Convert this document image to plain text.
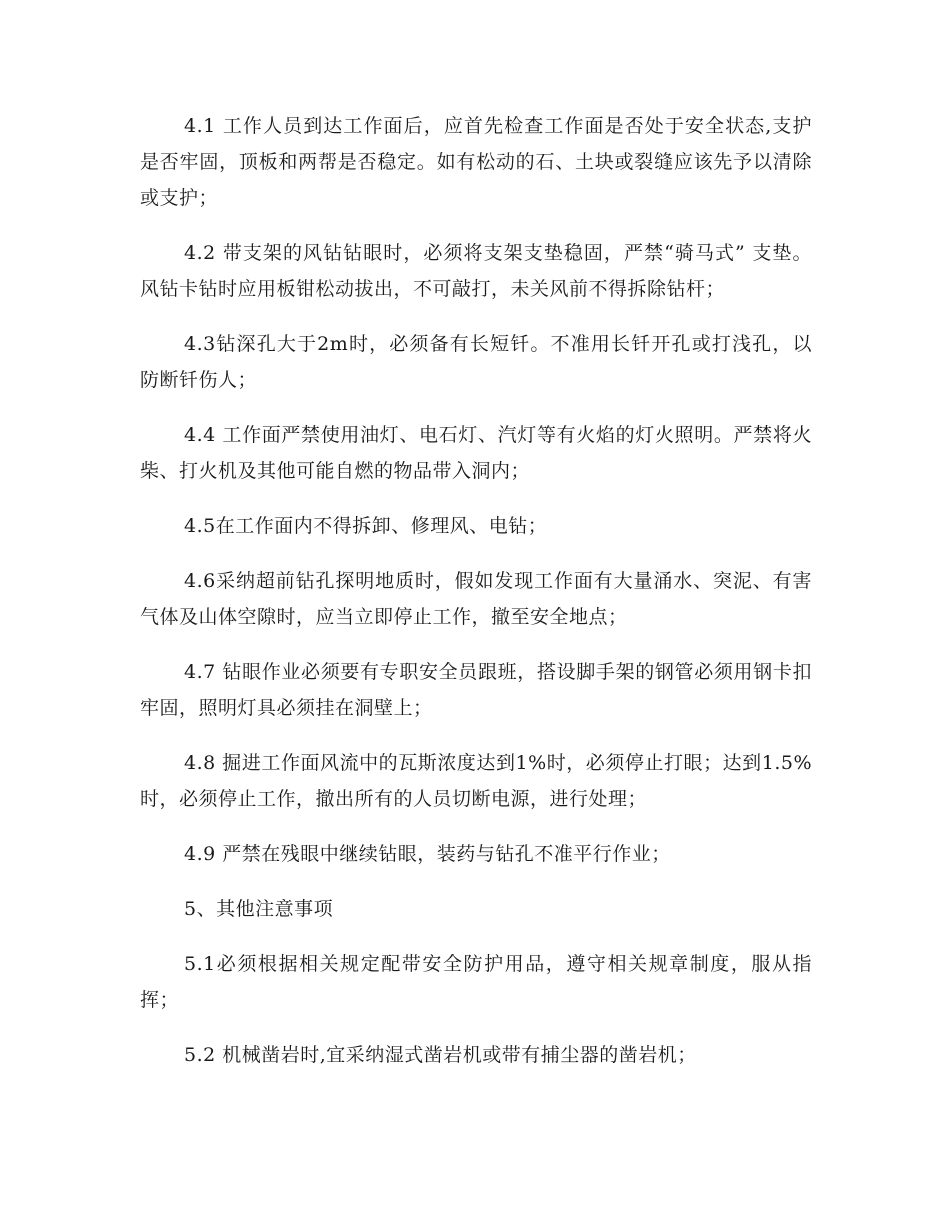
4.1 工作人员到达工作面后，应首先检查工作面是否处于安全状态,支护是否牢固，顶板和两帮是否稳定。如有松动的石、土块或裂缝应该先予以清除或支护；

4.2 带支架的风钻钻眼时，必须将支架支垫稳固，严禁“骑马式” 支垫。风钻卡钻时应用板钳松动拔出，不可敲打，未关风前不得拆除钻杆；

4.3钻深孔大于2m时，必须备有长短钎。不准用长钎开孔或打浅孔，以防断钎伤人；

4.4 工作面严禁使用油灯、电石灯、汽灯等有火焰的灯火照明。严禁将火柴、打火机及其他可能自燃的物品带入洞内；

4.5在工作面内不得拆卸、修理风、电钻；

4.6采纳超前钻孔探明地质时，假如发现工作面有大量涌水、突泥、有害气体及山体空隙时，应当立即停止工作，撤至安全地点；

4.7 钻眼作业必须要有专职安全员跟班，搭设脚手架的钢管必须用钢卡扣牢固，照明灯具必须挂在洞壁上；

4.8 掘进工作面风流中的瓦斯浓度达到1%时，必须停止打眼；达到1.5%时，必须停止工作，撤出所有的人员切断电源，进行处理；

4.9 严禁在残眼中继续钻眼，装药与钻孔不准平行作业；

5、其他注意事项

5.1必须根据相关规定配带安全防护用品，遵守相关规章制度，服从指挥；

5.2 机械凿岩时,宜采纳湿式凿岩机或带有捕尘器的凿岩机；
